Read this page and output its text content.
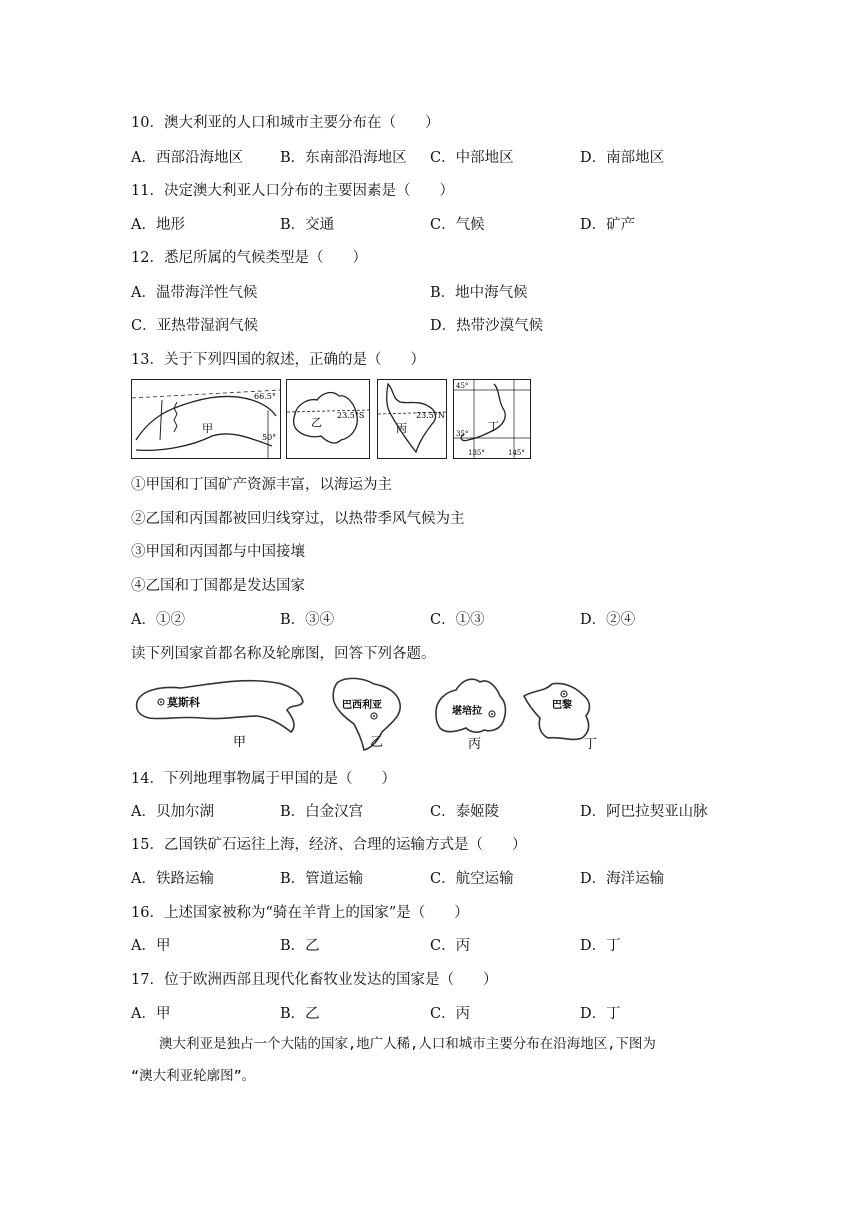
10．澳大利亚的人口和城市主要分布在（　　）
A．西部沿海地区	B．东南部沿海地区 C．中部地区	D．南部地区
11．决定澳大利亚人口分布的主要因素是（　　）
A．地形	B．交通	C．气候	D．矿产
12．悉尼所属的气候类型是（　　）
A．温带海洋性气候	B．地中海气候
C．亚热带湿润气候	D．热带沙漠气候
13．关于下列四国的叙述，正确的是（　　）
甲
66.5°
50°
乙
23.5°S
丙
23.5°N
丁
45°
35°
135°	145°
①甲国和丁国矿产资源丰富，以海运为主
②乙国和丙国都被回归线穿过，以热带季风气候为主
③甲国和丙国都与中国接壤
④乙国和丁国都是发达国家
A．①②	B．③④	C．①③	D．②④
读下列国家首都名称及轮廓图，回答下列各题。
莫斯科
甲
巴西利亚
乙
堪培拉
丙
巴黎
丁
14．下列地理事物属于甲国的是（　　）
A．贝加尔湖	B．白金汉宫	C．泰姬陵	D．阿巴拉契亚山脉
15．乙国铁矿石运往上海，经济、合理的运输方式是（　　）
A．铁路运输	B．管道运输	C．航空运输	D．海洋运输
16．上述国家被称为“骑在羊背上的国家”是（　　）
A．甲	B．乙	C．丙	D．丁
17．位于欧洲西部且现代化畜牧业发达的国家是（　　）
A．甲	B．乙	C．丙	D．丁
澳大利亚是独占一个大陆的国家,地广人稀,人口和城市主要分布在沿海地区,下图为
“澳大利亚轮廓图”。
